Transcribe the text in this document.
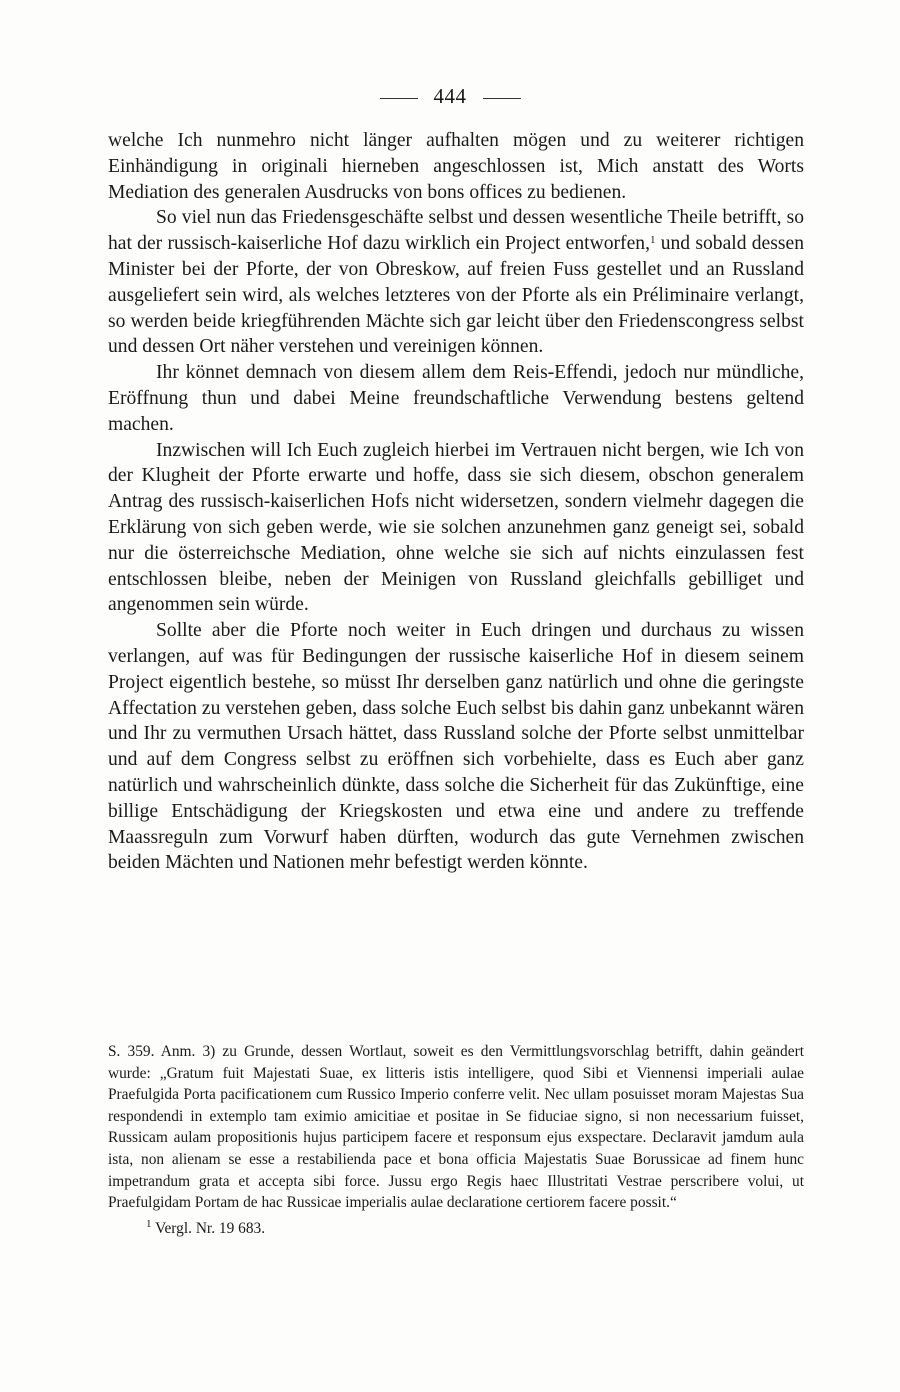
444

welche Ich nunmehro nicht länger aufhalten mögen und zu weiterer richtigen Einhändigung in originali hierneben angeschlossen ist, Mich anstatt des Worts Mediation des generalen Ausdrucks von bons offices zu bedienen.

So viel nun das Friedensgeschäfte selbst und dessen wesentliche Theile betrifft, so hat der russisch-kaiserliche Hof dazu wirklich ein Project entworfen,$^1$ und sobald dessen Minister bei der Pforte, der von Obreskow, auf freien Fuss gestellet und an Russland ausgeliefert sein wird, als welches letzteres von der Pforte als ein Préliminaire verlangt, so werden beide kriegführenden Mächte sich gar leicht über den Friedenscongress selbst und dessen Ort näher verstehen und vereinigen können.

Ihr könnet demnach von diesem allem dem Reis-Effendi, jedoch nur mündliche, Eröffnung thun und dabei Meine freundschaftliche Verwendung bestens geltend machen.

Inzwischen will Ich Euch zugleich hierbei im Vertrauen nicht bergen, wie Ich von der Klugheit der Pforte erwarte und hoffe, dass sie sich diesem, obschon generalem Antrag des russisch-kaiserlichen Hofs nicht widersetzen, sondern vielmehr dagegen die Erklärung von sich geben werde, wie sie solchen anzunehmen ganz geneigt sei, sobald nur die österreichsche Mediation, ohne welche sie sich auf nichts einzulassen fest entschlossen bleibe, neben der Meinigen von Russland gleichfalls gebilliget und angenommen sein würde.

Sollte aber die Pforte noch weiter in Euch dringen und durchaus zu wissen verlangen, auf was für Bedingungen der russische kaiserliche Hof in diesem seinem Project eigentlich bestehe, so müsst Ihr derselben ganz natürlich und ohne die geringste Affectation zu verstehen geben, dass solche Euch selbst bis dahin ganz unbekannt wären und Ihr zu vermuthen Ursach hättet, dass Russland solche der Pforte selbst unmittelbar und auf dem Congress selbst zu eröffnen sich vorbehielte, dass es Euch aber ganz natürlich und wahrscheinlich dünkte, dass solche die Sicherheit für das Zukünftige, eine billige Entschädigung der Kriegskosten und etwa eine und andere zu treffende Maassreguln zum Vorwurf haben dürften, wodurch das gute Vernehmen zwischen beiden Mächten und Nationen mehr befestigt werden könnte.

S. 359. Anm. 3) zu Grunde, dessen Wortlaut, soweit es den Vermittlungsvorschlag betrifft, dahin geändert wurde: „Gratum fuit Majestati Suae, ex litteris istis intelligere, quod Sibi et Viennensi imperiali aulae Praefulgida Porta pacificationem cum Russico Imperio conferre velit. Nec ullam posuisset moram Majestas Sua respondendi in extemplo tam eximio amicitiae et positae in Se fiduciae signo, si non necessarium fuisset, Russicam aulam propositionis hujus participem facere et responsum ejus exspectare. Declaravit jamdum aula ista, non alienam se esse a restabilienda pace et bona officia Majestatis Suae Borussicae ad finem hunc impetrandum grata et accepta sibi force. Jussu ergo Regis haec Illustritati Vestrae perscribere volui, ut Praefulgidam Portam de hac Russicae imperialis aulae declaratione certiorem facere possit.“

$^1$ Vergl. Nr. 19 683.
